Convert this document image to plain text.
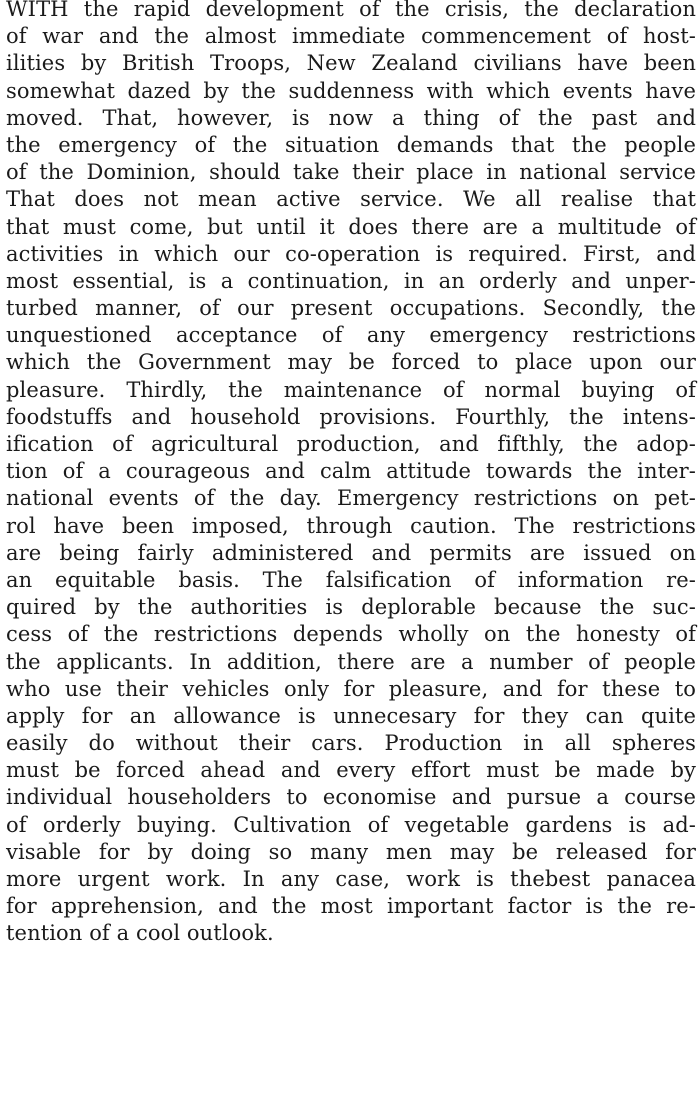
WITH the rapid development of the crisis, the declaration
of war and the almost immediate commencement of host-
ilities by British Troops, New Zealand civilians have been
somewhat dazed by the suddenness with which events have
moved. That, however, is now a thing of the past and
the emergency of the situation demands that the people
of the Dominion, should take their place in national service
That does not mean active service. We all realise that
that must come, but until it does there are a multitude of
activities in which our co-operation is required. First, and
most essential, is a continuation, in an orderly and unper-
turbed manner, of our present occupations. Secondly, the
unquestioned acceptance of any emergency restrictions
which the Government may be forced to place upon our
pleasure. Thirdly, the maintenance of normal buying of
foodstuffs and household provisions. Fourthly, the intens-
ification of agricultural production, and fifthly, the adop-
tion of a courageous and calm attitude towards the inter-
national events of the day. Emergency restrictions on pet-
rol have been imposed, through caution. The restrictions
are being fairly administered and permits are issued on
an equitable basis. The falsification of information re-
quired by the authorities is deplorable because the suc-
cess of the restrictions depends wholly on the honesty of
the applicants. In addition, there are a number of people
who use their vehicles only for pleasure, and for these to
apply for an allowance is unnecesary for they can quite
easily do without their cars. Production in all spheres
must be forced ahead and every effort must be made by
individual householders to economise and pursue a course
of orderly buying. Cultivation of vegetable gardens is ad-
visable for by doing so many men may be released for
more urgent work. In any case, work is thebest panacea
for apprehension, and the most important factor is the re-
tention of a cool outlook.
